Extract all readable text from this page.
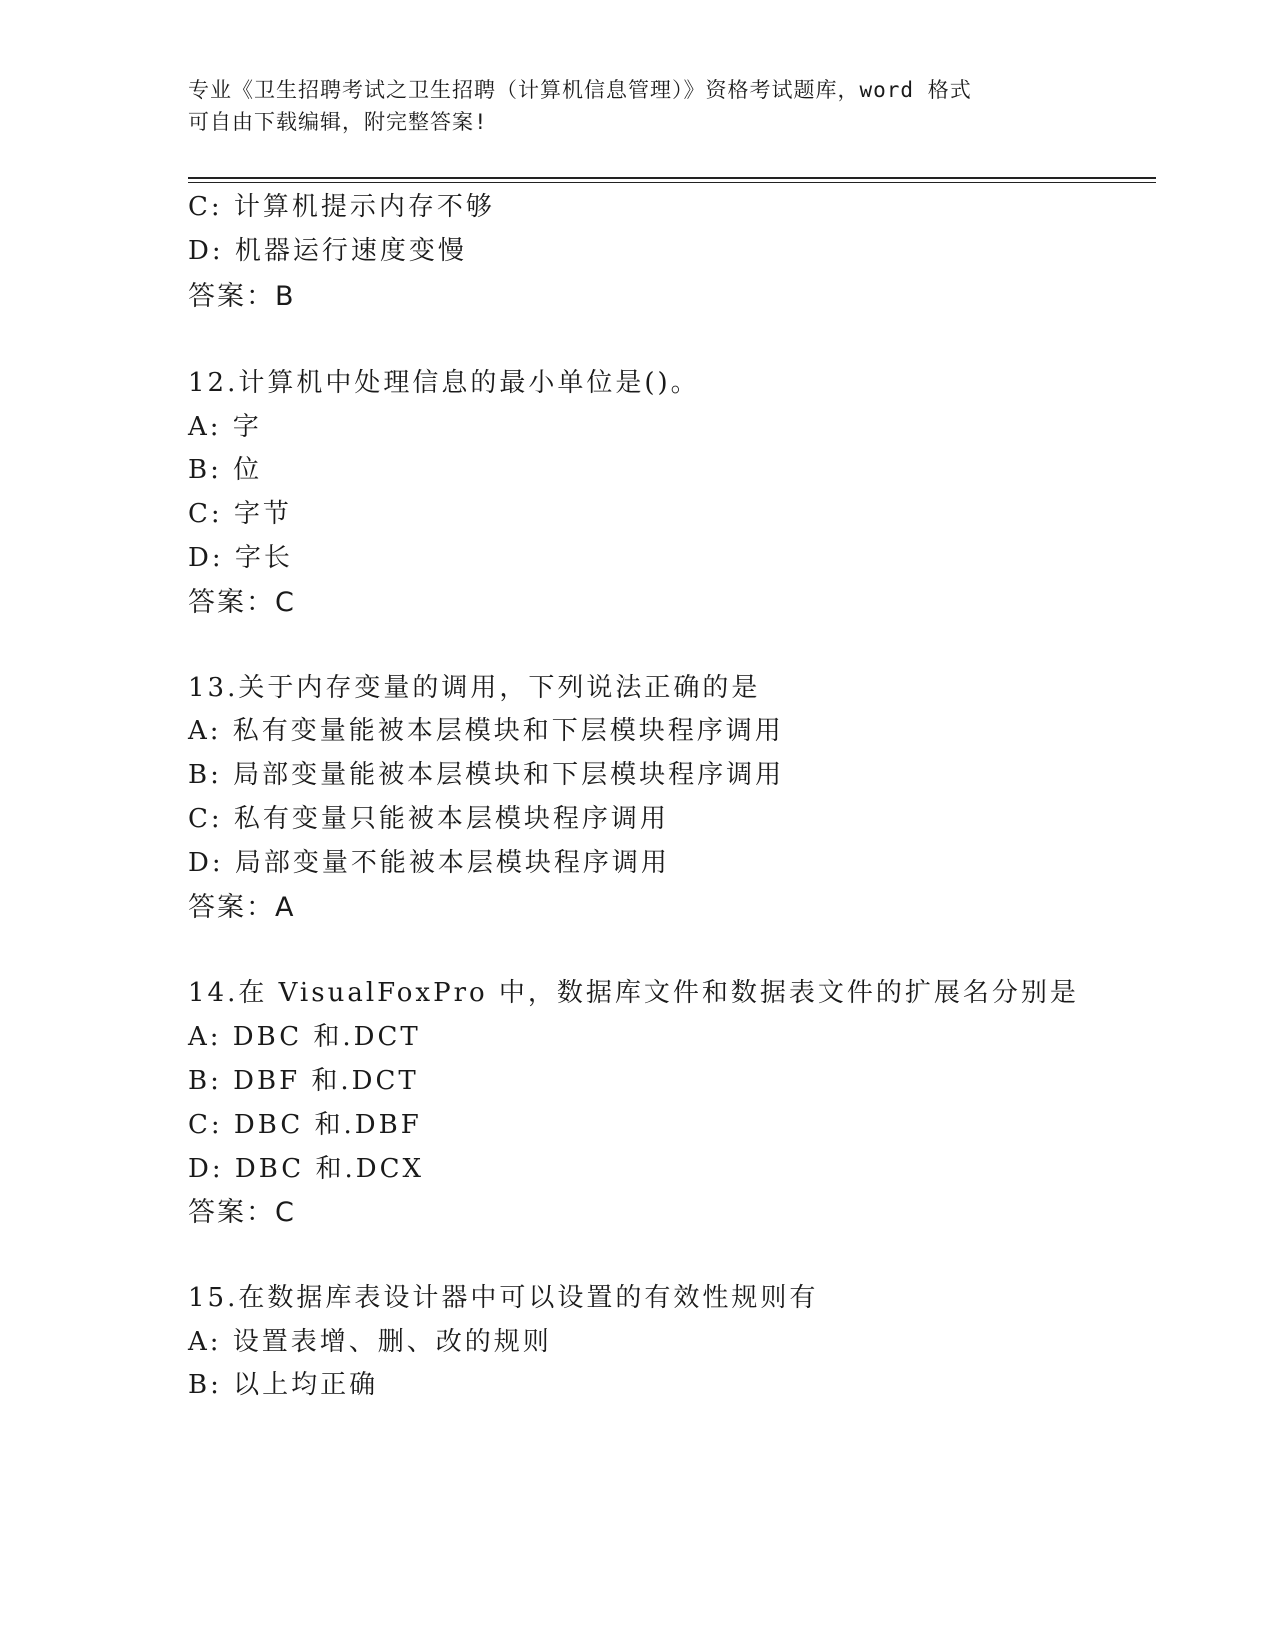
专业《卫生招聘考试之卫生招聘（计算机信息管理）》资格考试题库，word 格式
可自由下载编辑，附完整答案!
C: 计算机提示内存不够
D: 机器运行速度变慢
答案：B
12.计算机中处理信息的最小单位是()。
A: 字
B: 位
C: 字节
D: 字长
答案：C
13.关于内存变量的调用，下列说法正确的是
A: 私有变量能被本层模块和下层模块程序调用
B: 局部变量能被本层模块和下层模块程序调用
C: 私有变量只能被本层模块程序调用
D: 局部变量不能被本层模块程序调用
答案：A
14.在 VisualFoxPro 中，数据库文件和数据表文件的扩展名分别是
A: DBC 和.DCT
B: DBF 和.DCT
C: DBC 和.DBF
D: DBC 和.DCX
答案：C
15.在数据库表设计器中可以设置的有效性规则有
A: 设置表增、删、改的规则
B: 以上均正确
